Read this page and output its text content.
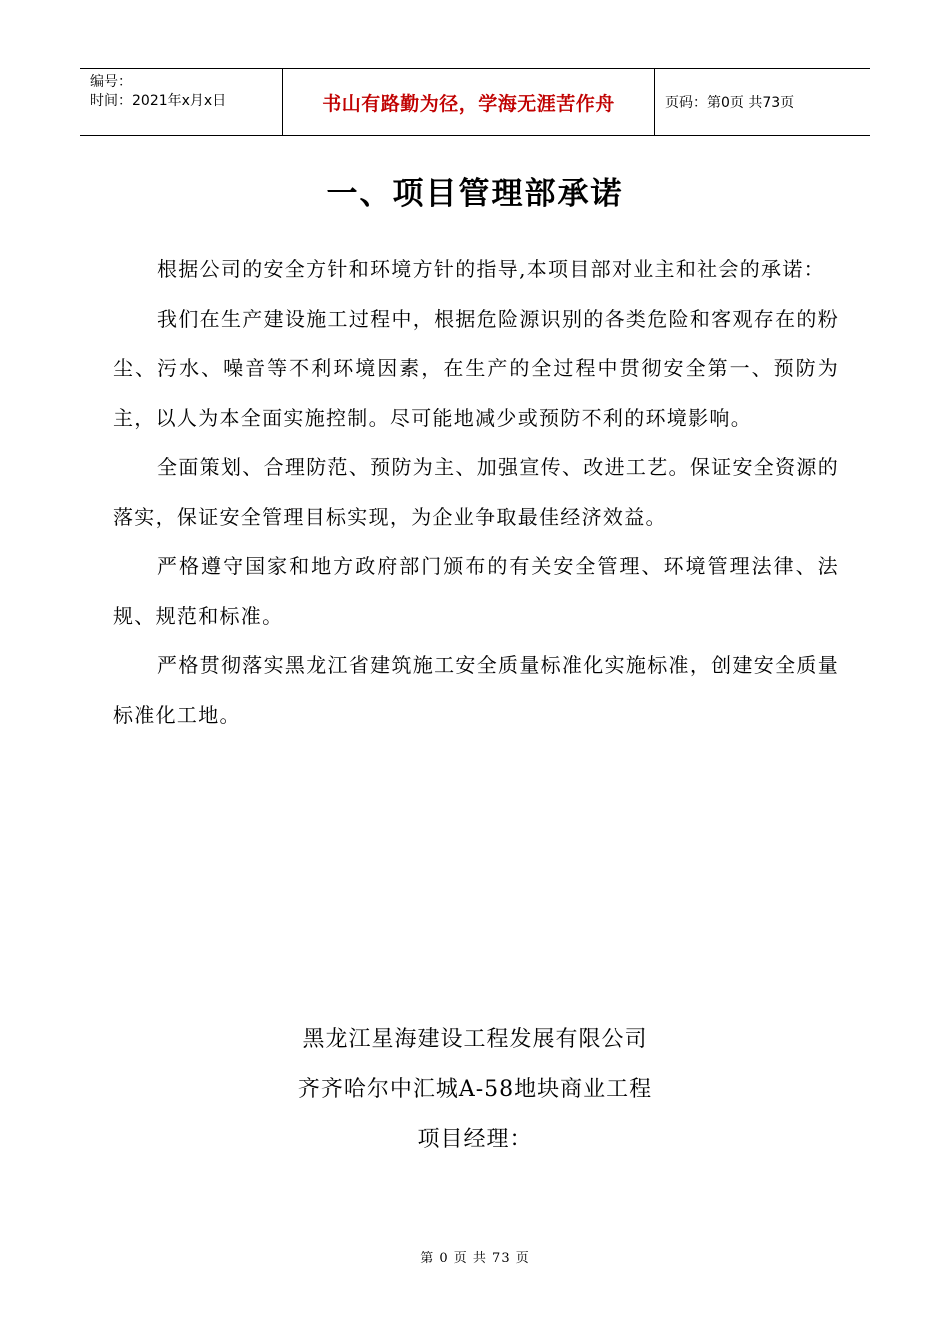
编号：
时间：2021年x月x日	书山有路勤为径，学海无涯苦作舟	页码：第0页 共73页
一、项目管理部承诺

根据公司的安全方针和环境方针的指导,本项目部对业主和社会的承诺：

我们在生产建设施工过程中，根据危险源识别的各类危险和客观存在的粉尘、污水、噪音等不利环境因素，在生产的全过程中贯彻安全第一、预防为主，以人为本全面实施控制。尽可能地减少或预防不利的环境影响。

全面策划、合理防范、预防为主、加强宣传、改进工艺。保证安全资源的落实，保证安全管理目标实现，为企业争取最佳经济效益。

严格遵守国家和地方政府部门颁布的有关安全管理、环境管理法律、法规、规范和标准。

严格贯彻落实黑龙江省建筑施工安全质量标准化实施标准，创建安全质量标准化工地。

黑龙江星海建设工程发展有限公司
齐齐哈尔中汇城A-58地块商业工程
项目经理：
第 0 页 共 73 页
